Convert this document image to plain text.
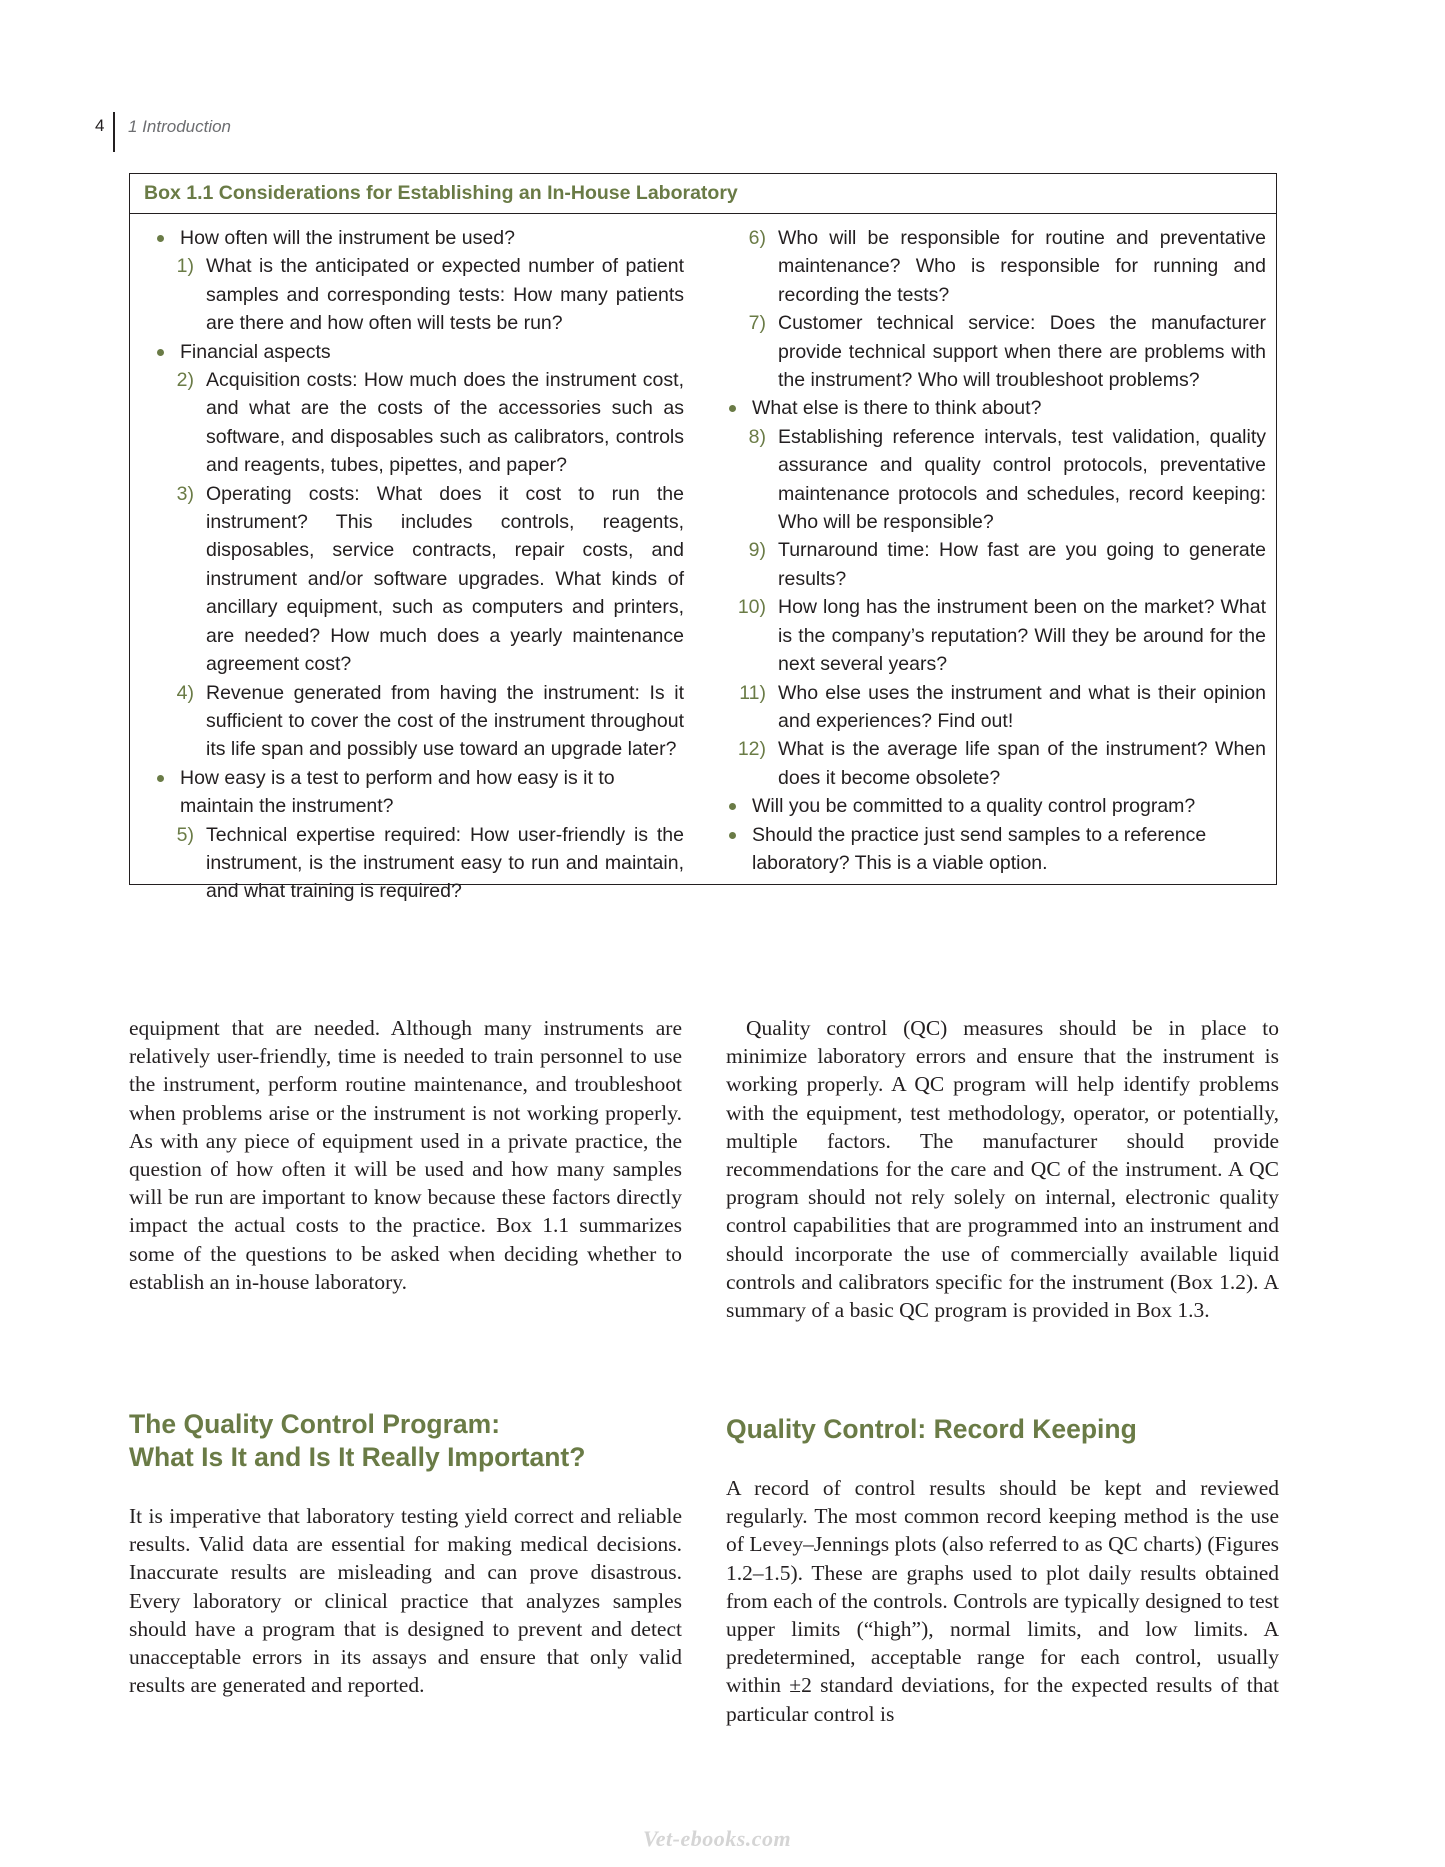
4 1 Introduction
Box 1.1 Considerations for Establishing an In-House Laboratory
How often will the instrument be used?
1) What is the anticipated or expected number of patient samples and corresponding tests: How many patients are there and how often will tests be run?
Financial aspects
2) Acquisition costs: How much does the instrument cost, and what are the costs of the accessories such as software, and disposables such as calibrators, controls and reagents, tubes, pipettes, and paper?
3) Operating costs: What does it cost to run the instrument? This includes controls, reagents, disposables, service contracts, repair costs, and instrument and/or software upgrades. What kinds of ancillary equipment, such as computers and printers, are needed? How much does a yearly maintenance agreement cost?
4) Revenue generated from having the instrument: Is it sufficient to cover the cost of the instrument throughout its life span and possibly use toward an upgrade later?
How easy is a test to perform and how easy is it to maintain the instrument?
5) Technical expertise required: How user-friendly is the instrument, is the instrument easy to run and maintain, and what training is required?
6) Who will be responsible for routine and preventative maintenance? Who is responsible for running and recording the tests?
7) Customer technical service: Does the manufacturer provide technical support when there are problems with the instrument? Who will troubleshoot problems?
What else is there to think about?
8) Establishing reference intervals, test validation, quality assurance and quality control protocols, preventative maintenance protocols and schedules, record keeping: Who will be responsible?
9) Turnaround time: How fast are you going to generate results?
10) How long has the instrument been on the market? What is the company’s reputation? Will they be around for the next several years?
11) Who else uses the instrument and what is their opinion and experiences? Find out!
12) What is the average life span of the instrument? When does it become obsolete?
Will you be committed to a quality control program?
Should the practice just send samples to a reference laboratory? This is a viable option.

equipment that are needed. Although many instruments are relatively user-friendly, time is needed to train personnel to use the instrument, perform routine maintenance, and troubleshoot when problems arise or the instrument is not working properly. As with any piece of equipment used in a private practice, the question of how often it will be used and how many samples will be run are important to know because these factors directly impact the actual costs to the practice. Box 1.1 summarizes some of the questions to be asked when deciding whether to establish an in-house laboratory.

The Quality Control Program:
What Is It and Is It Really Important?

It is imperative that laboratory testing yield correct and reliable results. Valid data are essential for making medical decisions. Inaccurate results are misleading and can prove disastrous. Every laboratory or clinical practice that analyzes samples should have a program that is designed to prevent and detect unacceptable errors in its assays and ensure that only valid results are generated and reported.

Quality control (QC) measures should be in place to minimize laboratory errors and ensure that the instrument is working properly. A QC program will help identify problems with the equipment, test methodology, operator, or potentially, multiple factors. The manufacturer should provide recommendations for the care and QC of the instrument. A QC program should not rely solely on internal, electronic quality control capabilities that are programmed into an instrument and should incorporate the use of commercially available liquid controls and calibrators specific for the instrument (Box 1.2). A summary of a basic QC program is provided in Box 1.3.

Quality Control: Record Keeping

A record of control results should be kept and reviewed regularly. The most common record keeping method is the use of Levey–Jennings plots (also referred to as QC charts) (Figures 1.2–1.5). These are graphs used to plot daily results obtained from each of the controls. Controls are typically designed to test upper limits (“high”), normal limits, and low limits. A predetermined, acceptable range for each control, usually within ±2 standard deviations, for the expected results of that particular control is

Vet-ebooks.com
